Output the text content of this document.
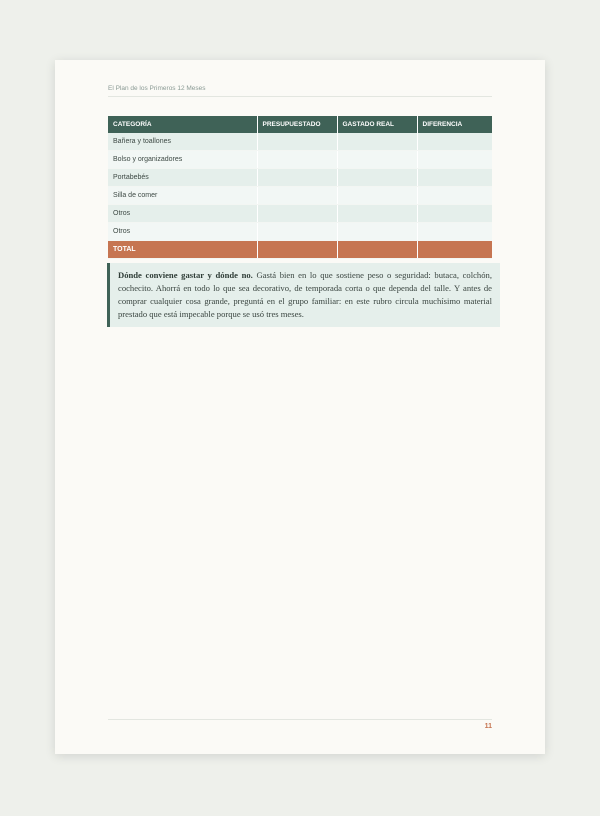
El Plan de los Primeros 12 Meses
CATEGORÍA	PRESUPUESTADO	GASTADO REAL	DIFERENCIA
Bañera y toallones			
Bolso y organizadores			
Portabebés			
Silla de comer			
Otros			
Otros			
TOTAL			
Dónde conviene gastar y dónde no. Gastá bien en lo que sostiene peso o seguridad: butaca, colchón, cochecito. Ahorrá en todo lo que sea decorativo, de temporada corta o que dependa del talle. Y antes de comprar cualquier cosa grande, preguntá en el grupo familiar: en este rubro circula muchísimo material prestado que está impecable porque se usó tres meses.
11
